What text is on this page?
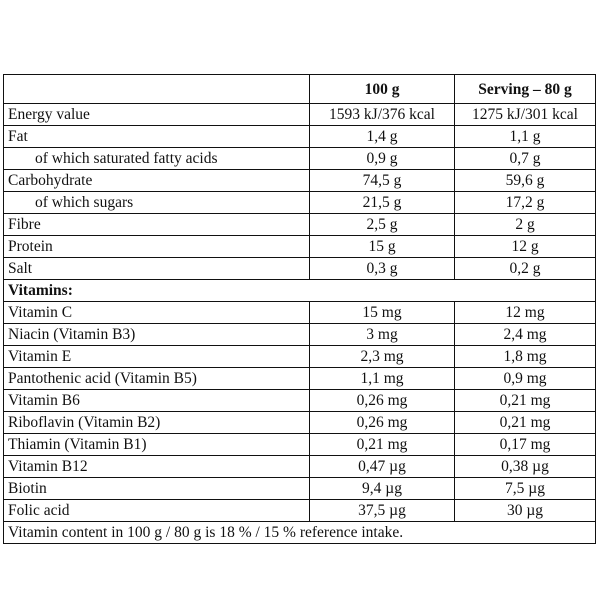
	100 g	Serving – 80 g
Energy value	1593 kJ/376 kcal	1275 kJ/301 kcal
Fat	1,4 g	1,1 g
of which saturated fatty acids	0,9 g	0,7 g
Carbohydrate	74,5 g	59,6 g
of which sugars	21,5 g	17,2 g
Fibre	2,5 g	2 g
Protein	15 g	12 g
Salt	0,3 g	0,2 g
Vitamins:		
Vitamin C	15 mg	12 mg
Niacin (Vitamin B3)	3 mg	2,4 mg
Vitamin E	2,3 mg	1,8 mg
Pantothenic acid (Vitamin B5)	1,1 mg	0,9 mg
Vitamin B6	0,26 mg	0,21 mg
Riboflavin (Vitamin B2)	0,26 mg	0,21 mg
Thiamin (Vitamin B1)	0,21 mg	0,17 mg
Vitamin B12	0,47 µg	0,38 µg
Biotin	9,4 µg	7,5 µg
Folic acid	37,5 µg	30 µg
Vitamin content in 100 g / 80 g is 18 % / 15 % reference intake.		
